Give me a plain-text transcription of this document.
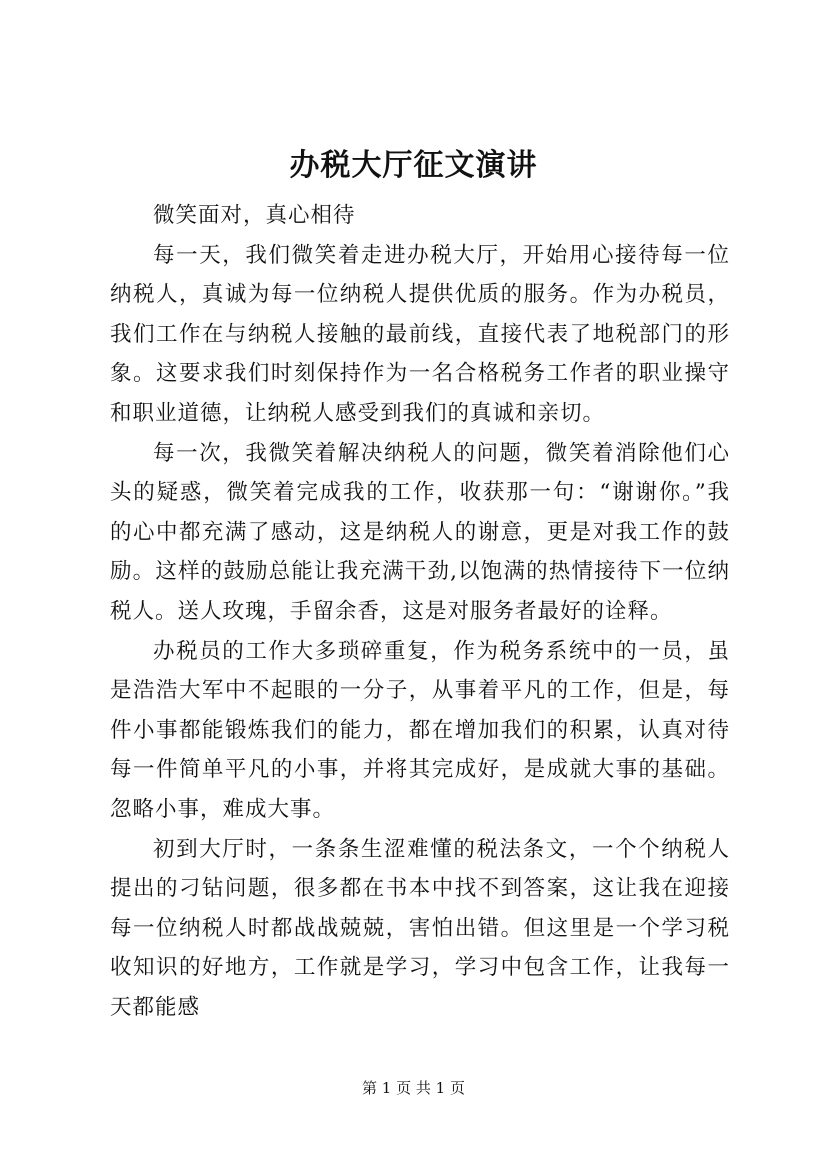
办税大厅征文演讲

微笑面对，真心相待

每一天，我们微笑着走进办税大厅，开始用心接待每一位纳税人，真诚为每一位纳税人提供优质的服务。作为办税员，我们工作在与纳税人接触的最前线，直接代表了地税部门的形象。这要求我们时刻保持作为一名合格税务工作者的职业操守和职业道德，让纳税人感受到我们的真诚和亲切。

每一次，我微笑着解决纳税人的问题，微笑着消除他们心头的疑惑，微笑着完成我的工作，收获那一句：“谢谢你。”我的心中都充满了感动，这是纳税人的谢意，更是对我工作的鼓励。这样的鼓励总能让我充满干劲,以饱满的热情接待下一位纳税人。送人玫瑰，手留余香，这是对服务者最好的诠释。

办税员的工作大多琐碎重复，作为税务系统中的一员，虽是浩浩大军中不起眼的一分子，从事着平凡的工作，但是，每件小事都能锻炼我们的能力，都在增加我们的积累，认真对待每一件简单平凡的小事，并将其完成好，是成就大事的基础。忽略小事，难成大事。

初到大厅时，一条条生涩难懂的税法条文，一个个纳税人提出的刁钻问题，很多都在书本中找不到答案，这让我在迎接每一位纳税人时都战战兢兢，害怕出错。但这里是一个学习税收知识的好地方，工作就是学习，学习中包含工作，让我每一天都能感

第 1 页 共 1 页
